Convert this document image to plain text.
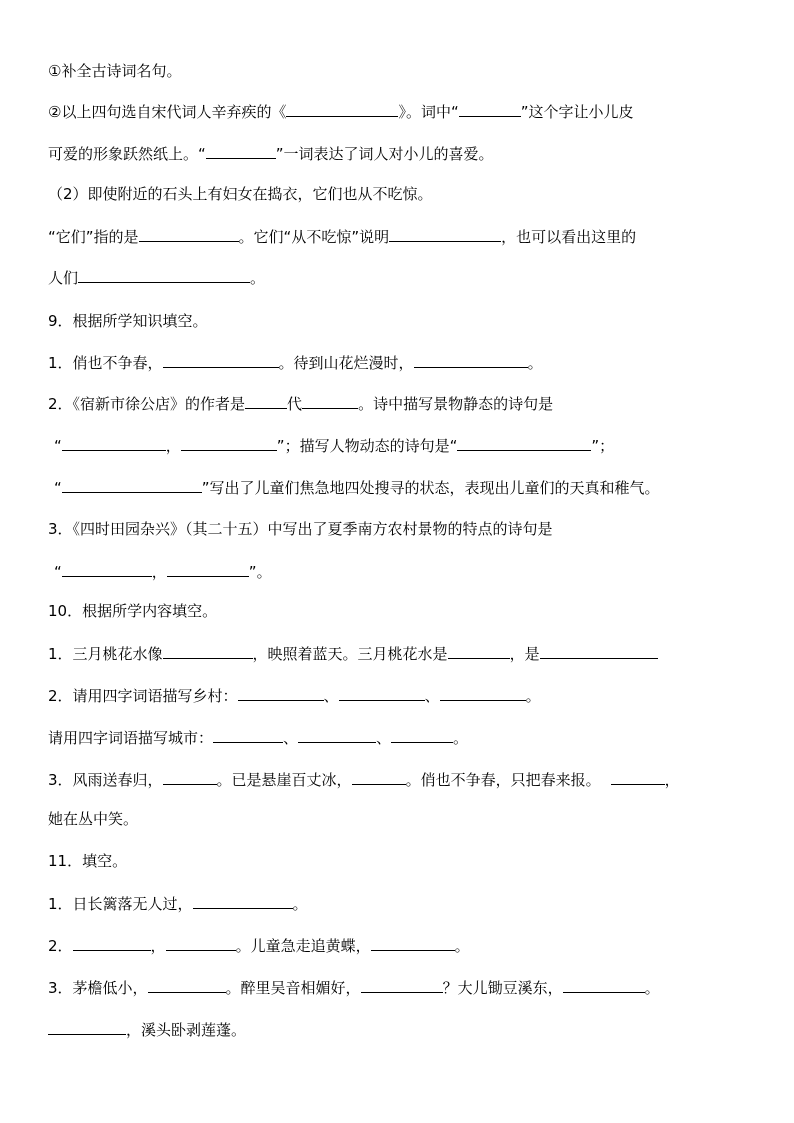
①补全古诗词名句。
②以上四句选自宋代词人辛弃疾的《	》。词中“	”这个字让小儿皮
可爱的形象跃然纸上。“	”一词表达了词人对小儿的喜爱。
（2）即使附近的石头上有妇女在捣衣，它们也从不吃惊。
“它们”指的是	。它们“从不吃惊”说明	，也可以看出这里的
人们	。
9．根据所学知识填空。
1．俏也不争春，	。待到山花烂漫时，	。
2．《宿新市徐公店》的作者是	代	。诗中描写景物静态的诗句是
“	，	”；描写人物动态的诗句是“	”；
“	”写出了儿童们焦急地四处搜寻的状态，表现出儿童们的天真和稚气。
3．《四时田园杂兴》（其二十五）中写出了夏季南方农村景物的特点的诗句是
“	，	”。
10．根据所学内容填空。
1．三月桃花水像	，映照着蓝天。三月桃花水是	，是
2．请用四字词语描写乡村：	、	、	。
请用四字词语描写城市：	、	、	。
3．风雨送春归，	。已是悬崖百丈冰，	。俏也不争春，只把春来报。	，
她在丛中笑。
11．填空。
1．日长篱落无人过，	。
2．	，	。儿童急走追黄蝶，	。
3．茅檐低小，	。醉里吴音相媚好，	？大儿锄豆溪东，	。
，溪头卧剥莲蓬。
